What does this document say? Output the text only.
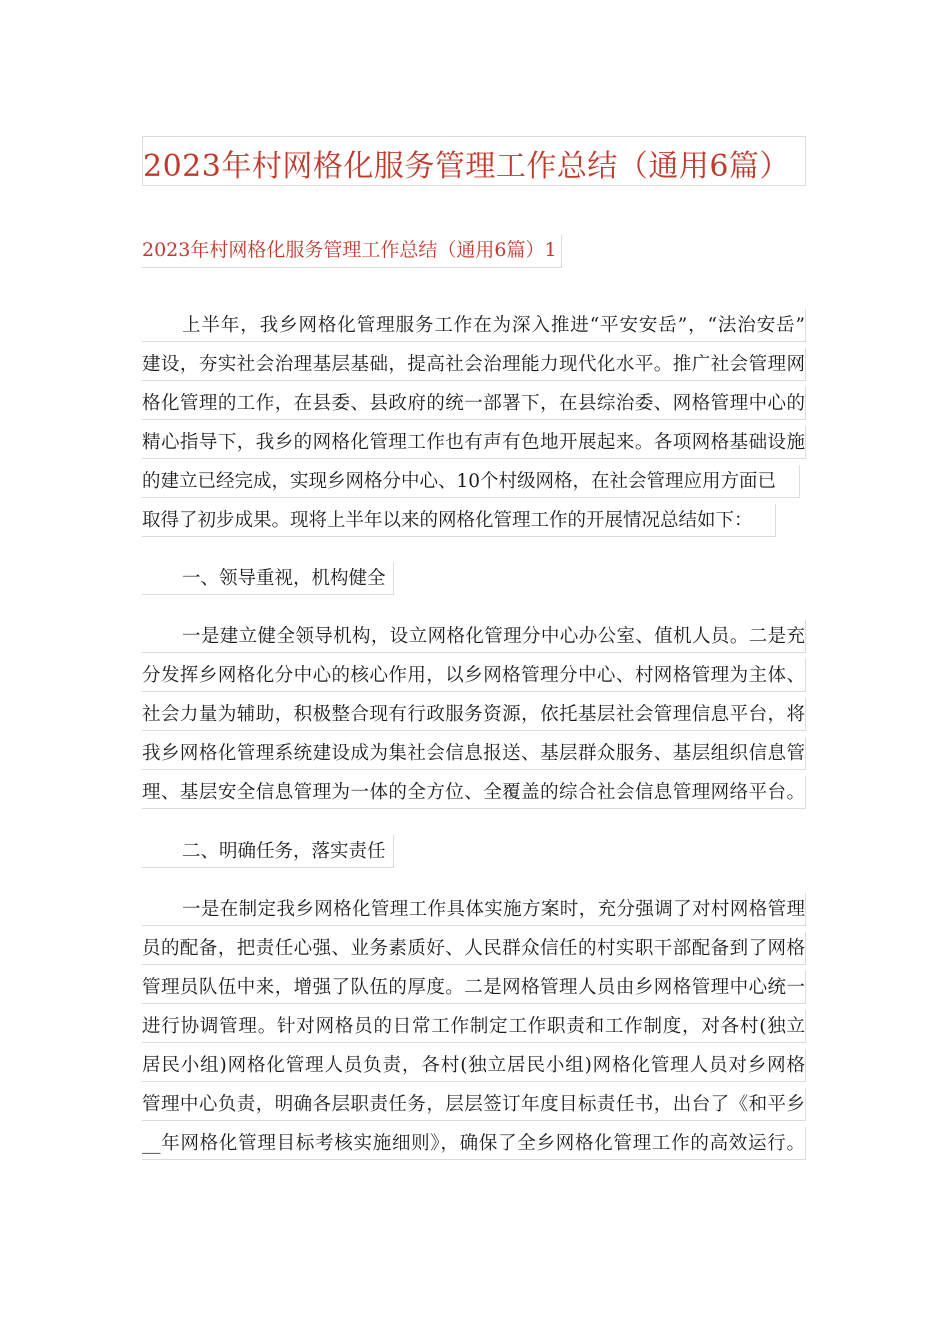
2023年村网格化服务管理工作总结（通用6篇）
2023年村网格化服务管理工作总结（通用6篇）1
上半年，我乡网格化管理服务工作在为深入推进“平安安岳”，“法治安岳”
建设，夯实社会治理基层基础，提高社会治理能力现代化水平。推广社会管理网
格化管理的工作，在县委、县政府的统一部署下，在县综治委、网格管理中心的
精心指导下，我乡的网格化管理工作也有声有色地开展起来。各项网格基础设施
的建立已经完成，实现乡网格分中心、10个村级网格，在社会管理应用方面已
取得了初步成果。现将上半年以来的网格化管理工作的开展情况总结如下：
一、领导重视，机构健全
一是建立健全领导机构，设立网格化管理分中心办公室、值机人员。二是充
分发挥乡网格化分中心的核心作用，以乡网格管理分中心、村网格管理为主体、
社会力量为辅助，积极整合现有行政服务资源，依托基层社会管理信息平台，将
我乡网格化管理系统建设成为集社会信息报送、基层群众服务、基层组织信息管
理、基层安全信息管理为一体的全方位、全覆盖的综合社会信息管理网络平台。
二、明确任务，落实责任
一是在制定我乡网格化管理工作具体实施方案时，充分强调了对村网格管理
员的配备，把责任心强、业务素质好、人民群众信任的村实职干部配备到了网格
管理员队伍中来，增强了队伍的厚度。二是网格管理人员由乡网格管理中心统一
进行协调管理。针对网格员的日常工作制定工作职责和工作制度，对各村(独立
居民小组)网格化管理人员负责，各村(独立居民小组)网格化管理人员对乡网格
管理中心负责，明确各层职责任务，层层签订年度目标责任书，出台了《和平乡
__年网格化管理目标考核实施细则》，确保了全乡网格化管理工作的高效运行。
